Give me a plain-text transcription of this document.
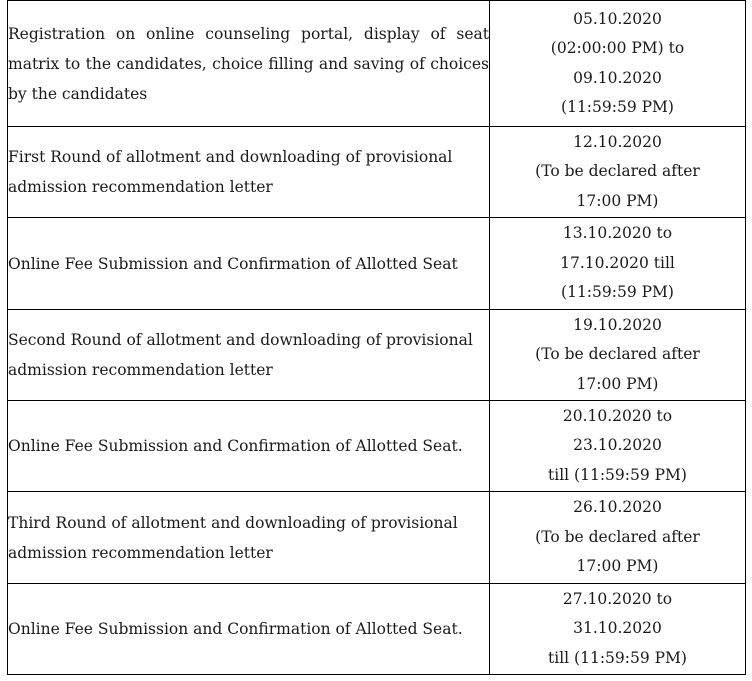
Registration on online counseling portal, display of seat matrix to the candidates, choice filling and saving of choices by the candidates	05.10.2020
(02:00:00 PM) to
09.10.2020
(11:59:59 PM)

First Round of allotment and downloading of provisional admission recommendation letter	12.10.2020
(To be declared after
17:00 PM)

Online Fee Submission and Confirmation of Allotted Seat	13.10.2020 to
17.10.2020 till
(11:59:59 PM)

Second Round of allotment and downloading of provisional admission recommendation letter	19.10.2020
(To be declared after
17:00 PM)

Online Fee Submission and Confirmation of Allotted Seat.	20.10.2020 to
23.10.2020
till (11:59:59 PM)

Third Round of allotment and downloading of provisional admission recommendation letter	26.10.2020
(To be declared after
17:00 PM)

Online Fee Submission and Confirmation of Allotted Seat.	27.10.2020 to
31.10.2020
till (11:59:59 PM)
